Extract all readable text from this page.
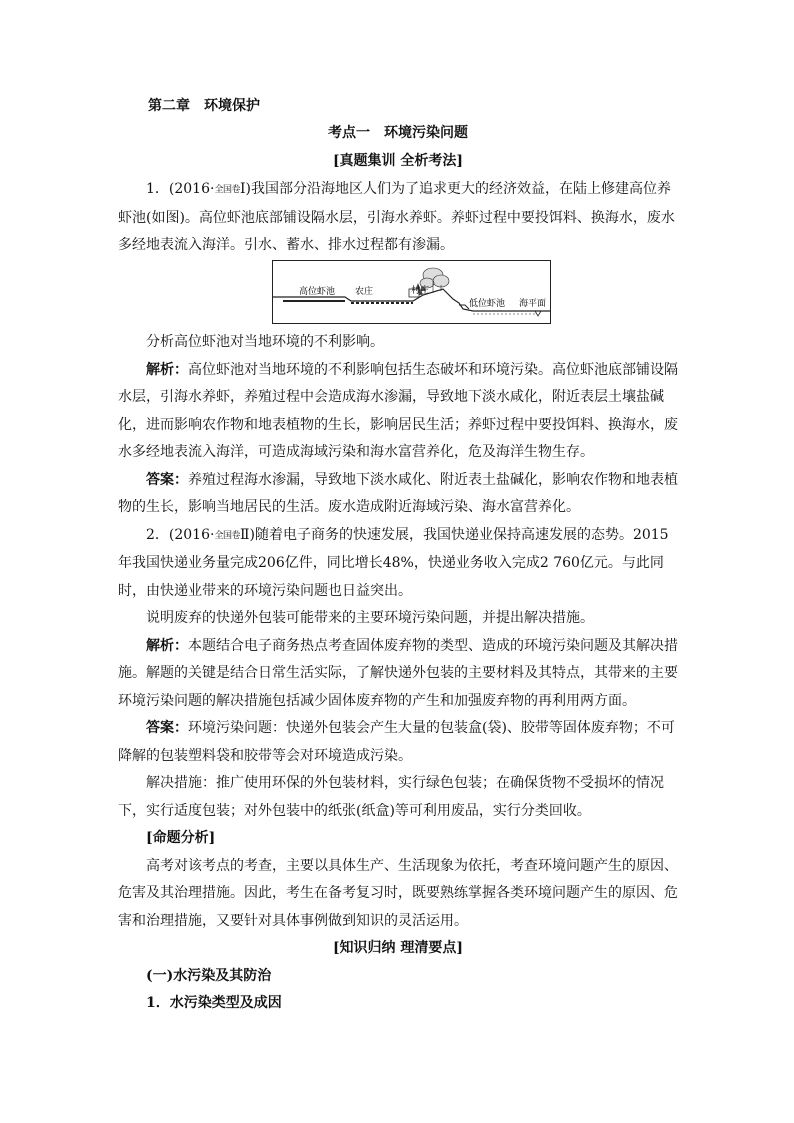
第二章　环境保护

考点一　环境污染问题

[真题集训 全析考法]

1．(2016·全国卷Ⅰ)我国部分沿海地区人们为了追求更大的经济效益，在陆上修建高位养虾池(如图)。高位虾池底部铺设隔水层，引海水养虾。养虾过程中要投饵料、换海水，废水多经地表流入海洋。引水、蓄水、排水过程都有渗漏。

高位虾池 农庄	村庄
低位虾池 海平面

分析高位虾池对当地环境的不利影响。

解析：高位虾池对当地环境的不利影响包括生态破坏和环境污染。高位虾池底部铺设隔水层，引海水养虾，养殖过程中会造成海水渗漏，导致地下淡水咸化，附近表层土壤盐碱化，进而影响农作物和地表植物的生长，影响居民生活；养虾过程中要投饵料、换海水，废水多经地表流入海洋，可造成海域污染和海水富营养化，危及海洋生物生存。

答案：养殖过程海水渗漏，导致地下淡水咸化、附近表土盐碱化，影响农作物和地表植物的生长，影响当地居民的生活。废水造成附近海域污染、海水富营养化。

2．(2016·全国卷Ⅱ)随着电子商务的快速发展，我国快递业保持高速发展的态势。2015年我国快递业务量完成206亿件，同比增长48%，快递业务收入完成2 760亿元。与此同时，由快递业带来的环境污染问题也日益突出。

说明废弃的快递外包装可能带来的主要环境污染问题，并提出解决措施。

解析：本题结合电子商务热点考查固体废弃物的类型、造成的环境污染问题及其解决措施。解题的关键是结合日常生活实际，了解快递外包装的主要材料及其特点，其带来的主要环境污染问题的解决措施包括减少固体废弃物的产生和加强废弃物的再利用两方面。

答案：环境污染问题：快递外包装会产生大量的包装盒(袋)、胶带等固体废弃物；不可降解的包装塑料袋和胶带等会对环境造成污染。

解决措施：推广使用环保的外包装材料，实行绿色包装；在确保货物不受损坏的情况下，实行适度包装；对外包装中的纸张(纸盒)等可利用废品，实行分类回收。

[命题分析]

高考对该考点的考查，主要以具体生产、生活现象为依托，考查环境问题产生的原因、危害及其治理措施。因此，考生在备考复习时，既要熟练掌握各类环境问题产生的原因、危害和治理措施，又要针对具体事例做到知识的灵活运用。

[知识归纳 理清要点]

(一)水污染及其防治

1．水污染类型及成因
